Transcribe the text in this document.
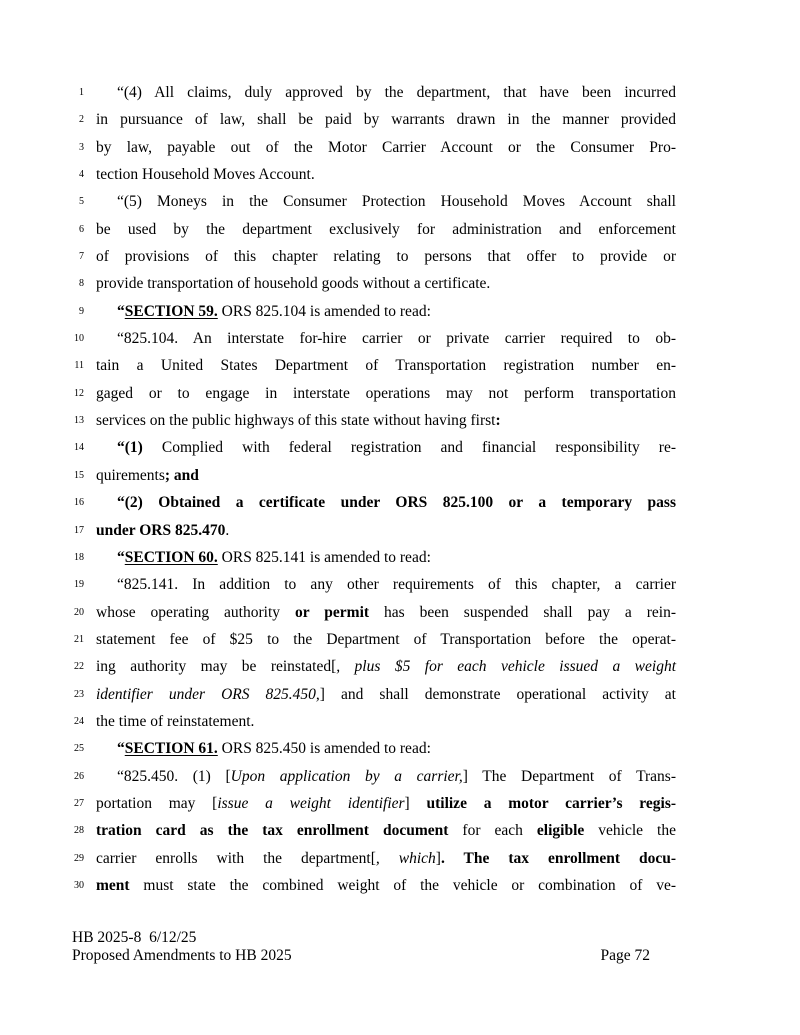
1	“(4) All claims, duly approved by the department, that have been incurred
2 in pursuance of law, shall be paid by warrants drawn in the manner provided
3 by law, payable out of the Motor Carrier Account or the Consumer Pro-
4 tection Household Moves Account.
5	“(5) Moneys in the Consumer Protection Household Moves Account shall
6 be used by the department exclusively for administration and enforcement
7 of provisions of this chapter relating to persons that offer to provide or
8 provide transportation of household goods without a certificate.
9	“SECTION 59. ORS 825.104 is amended to read:
10	“825.104. An interstate for-hire carrier or private carrier required to ob-
11 tain a United States Department of Transportation registration number en-
12 gaged or to engage in interstate operations may not perform transportation
13 services on the public highways of this state without having first:
14	“(1) Complied with federal registration and financial responsibility re-
15 quirements; and
16	“(2) Obtained a certificate under ORS 825.100 or a temporary pass
17 under ORS 825.470.
18	“SECTION 60. ORS 825.141 is amended to read:
19	“825.141. In addition to any other requirements of this chapter, a carrier
20 whose operating authority or permit has been suspended shall pay a rein-
21 statement fee of $25 to the Department of Transportation before the operat-
22 ing authority may be reinstated[, plus $5 for each vehicle issued a weight
23 identifier under ORS 825.450,] and shall demonstrate operational activity at
24 the time of reinstatement.
25	“SECTION 61. ORS 825.450 is amended to read:
26	“825.450. (1) [Upon application by a carrier,] The Department of Trans-
27 portation may [issue a weight identifier] utilize a motor carrier’s regis-
28 tration card as the tax enrollment document for each eligible vehicle the
29 carrier enrolls with the department[, which]. The tax enrollment docu-
30 ment must state the combined weight of the vehicle or combination of ve-
HB 2025-8  6/12/25
Proposed Amendments to HB 2025	Page 72
